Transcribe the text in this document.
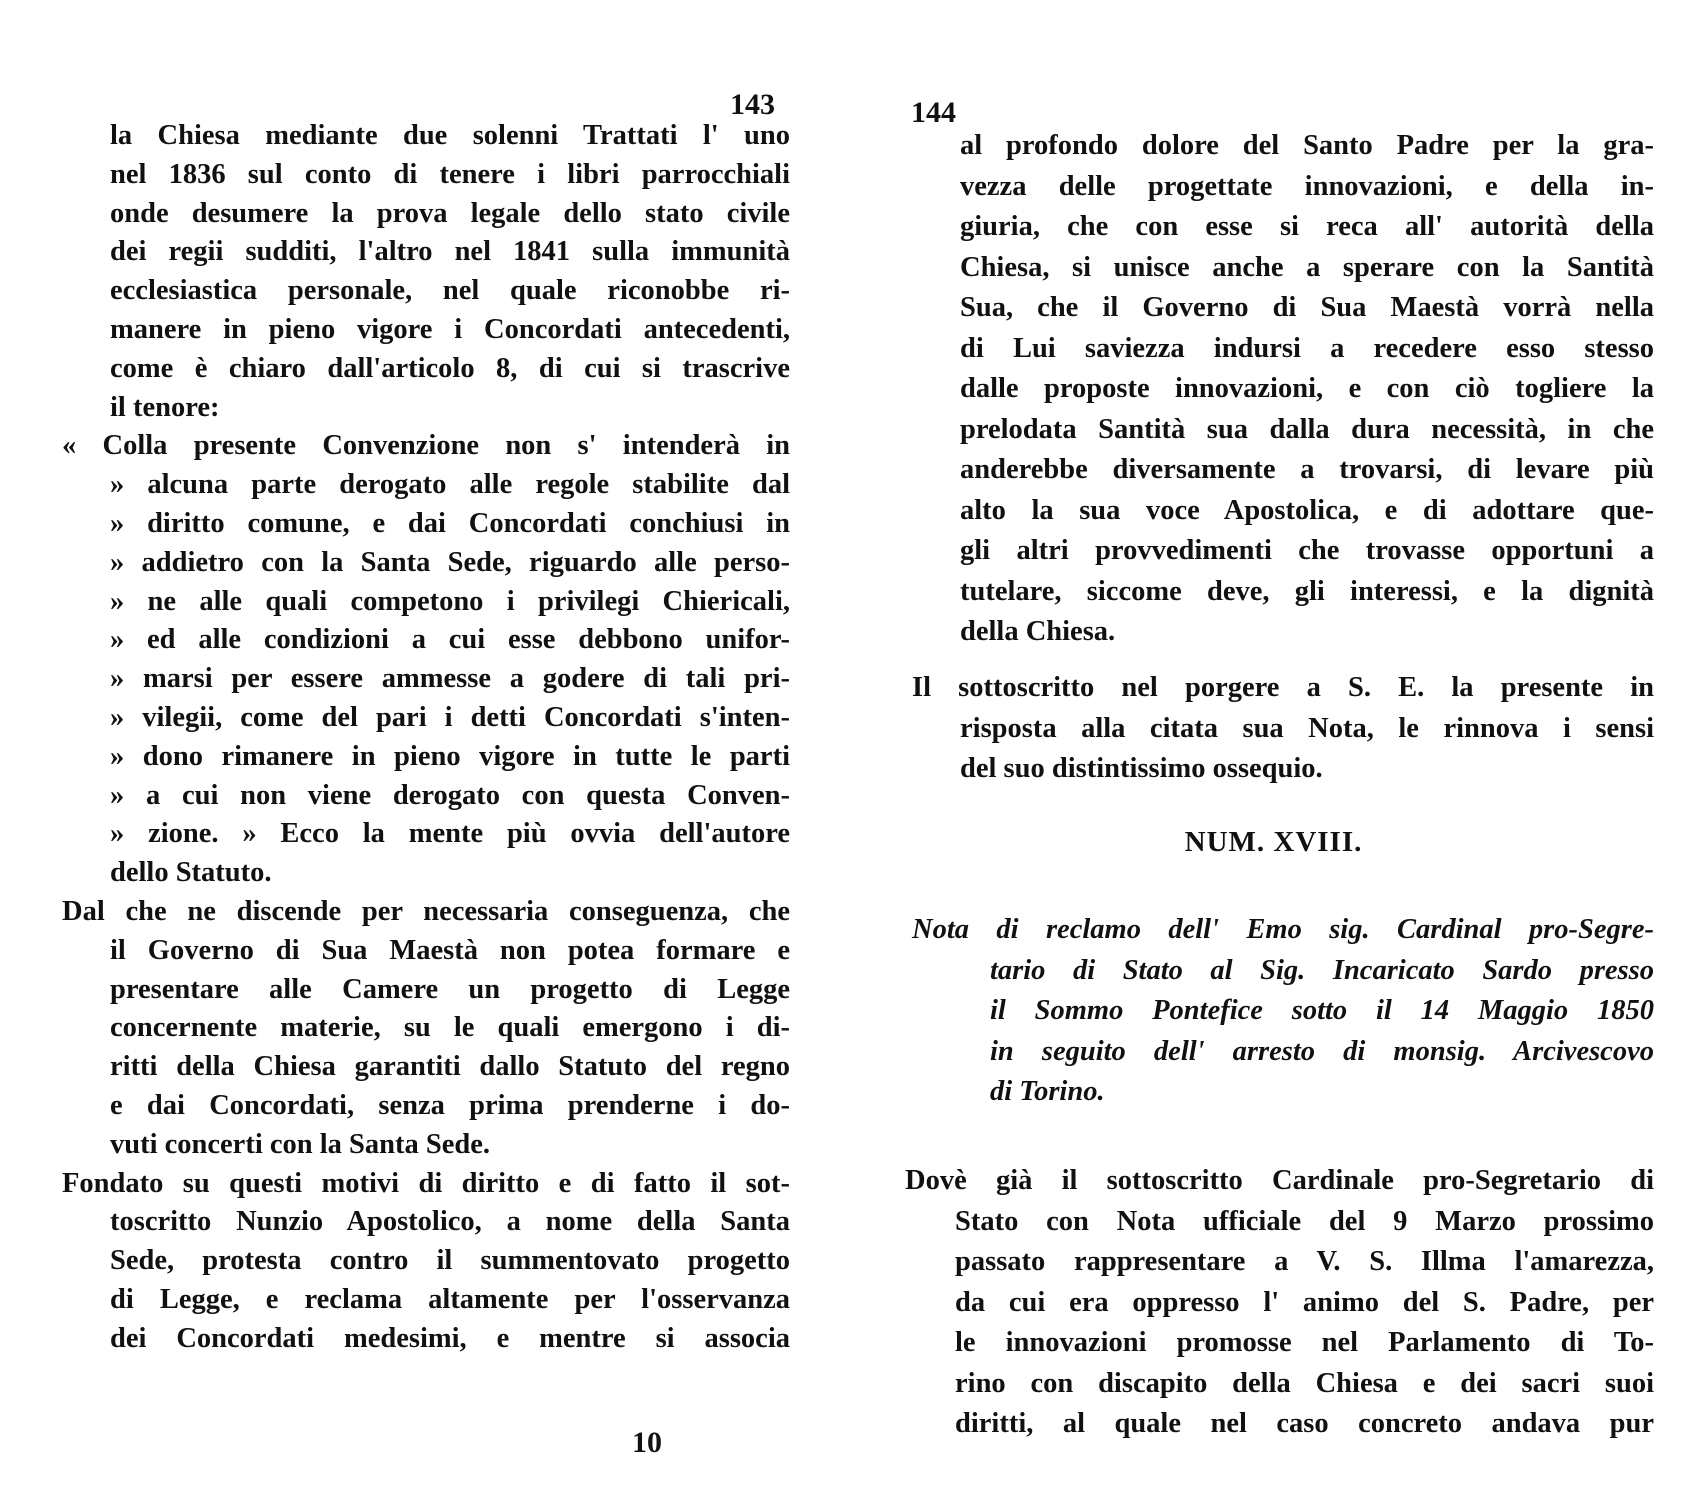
143
la Chiesa mediante due solenni Trattati l' uno
nel 1836 sul conto di tenere i libri parrocchiali
onde desumere la prova legale dello stato civile
dei regii sudditi, l'altro nel 1841 sulla immunità
ecclesiastica personale, nel quale riconobbe ri-
manere in pieno vigore i Concordati antecedenti,
come è chiaro dall'articolo 8, di cui si trascrive
il tenore:
« Colla presente Convenzione non s' intenderà in
» alcuna parte derogato alle regole stabilite dal
» diritto comune, e dai Concordati conchiusi in
» addietro con la Santa Sede, riguardo alle perso-
» ne alle quali competono i privilegi Chiericali,
» ed alle condizioni a cui esse debbono unifor-
» marsi per essere ammesse a godere di tali pri-
» vilegii, come del pari i detti Concordati s'inten-
» dono rimanere in pieno vigore in tutte le parti
» a cui non viene derogato con questa Conven-
» zione. » Ecco la mente più ovvia dell'autore
dello Statuto.
Dal che ne discende per necessaria conseguenza, che
il Governo di Sua Maestà non potea formare e
presentare alle Camere un progetto di Legge
concernente materie, su le quali emergono i di-
ritti della Chiesa garantiti dallo Statuto del regno
e dai Concordati, senza prima prenderne i do-
vuti concerti con la Santa Sede.
Fondato su questi motivi di diritto e di fatto il sot-
toscritto Nunzio Apostolico, a nome della Santa
Sede, protesta contro il summentovato progetto
di Legge, e reclama altamente per l'osservanza
dei Concordati medesimi, e mentre si associa
10
144
NUM. XVIII.
al profondo dolore del Santo Padre per la gra-
vezza delle progettate innovazioni, e della in-
giuria, che con esse si reca all' autorità della
Chiesa, si unisce anche a sperare con la Santità
Sua, che il Governo di Sua Maestà vorrà nella
di Lui saviezza indursi a recedere esso stesso
dalle proposte innovazioni, e con ciò togliere la
prelodata Santità sua dalla dura necessità, in che
anderebbe diversamente a trovarsi, di levare più
alto la sua voce Apostolica, e di adottare que-
gli altri provvedimenti che trovasse opportuni a
tutelare, siccome deve, gli interessi, e la dignità
della Chiesa.
Il sottoscritto nel porgere a S. E. la presente in
risposta alla citata sua Nota, le rinnova i sensi
del suo distintissimo ossequio.
Nota di reclamo dell' Emo sig. Cardinal pro-Segre-
tario di Stato al Sig. Incaricato Sardo presso
il Sommo Pontefice sotto il 14 Maggio 1850
in seguito dell' arresto di monsig. Arcivescovo
di Torino.
Dovè già il sottoscritto Cardinale pro-Segretario di
Stato con Nota ufficiale del 9 Marzo prossimo
passato rappresentare a V. S. Illma l'amarezza,
da cui era oppresso l' animo del S. Padre, per
le innovazioni promosse nel Parlamento di To-
rino con discapito della Chiesa e dei sacri suoi
diritti, al quale nel caso concreto andava pur
